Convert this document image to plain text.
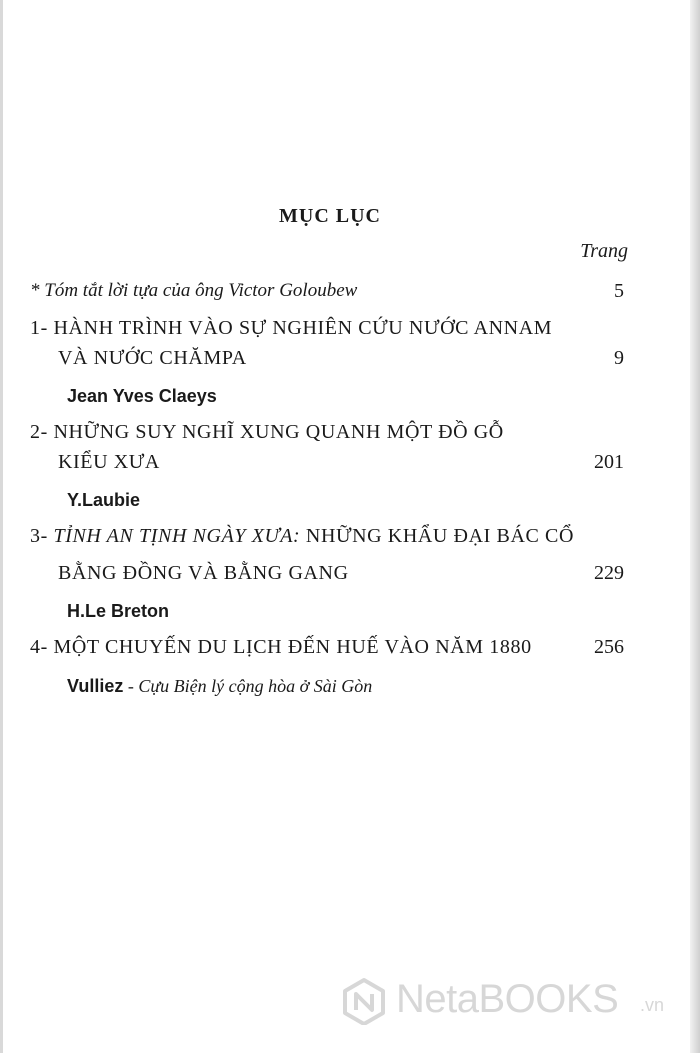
MỤC LỤC
Trang
* Tóm tắt lời tựa của ông Victor Goloubew	5
1- HÀNH TRÌNH VÀO SỰ NGHIÊN CỨU NƯỚC ANNAM
VÀ NƯỚC CHĂMPA	9
Jean Yves Claeys
2- NHỮNG SUY NGHĨ XUNG QUANH MỘT ĐỒ GỖ
KIỂU XƯA	201
Y.Laubie
3- TỈNH AN TỊNH NGÀY XƯA: NHỮNG KHẨU ĐẠI BÁC CỔ
BẰNG ĐỒNG VÀ BẰNG GANG	229
H.Le Breton
4- MỘT CHUYẾN DU LỊCH ĐẾN HUẾ VÀO NĂM 1880	256
Vulliez - Cựu Biện lý cộng hòa ở Sài Gòn
NetaBOOKS .vn
